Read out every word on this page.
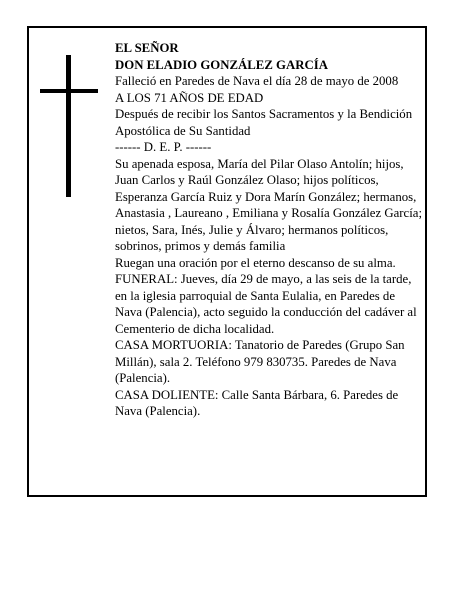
EL SEÑOR

DON ELADIO GONZÁLEZ GARCÍA

Falleció en Paredes de Nava el día 28 de mayo de 2008

A LOS 71 AÑOS DE EDAD

Después de recibir los Santos Sacramentos y la Bendición Apostólica de Su Santidad

------ D. E. P. ------

Su apenada esposa, María del Pilar Olaso Antolín; hijos, Juan Carlos y Raúl González Olaso; hijos políticos, Esperanza García Ruiz y Dora Marín González; hermanos, Anastasia , Laureano , Emiliana y Rosalía González García; nietos, Sara, Inés, Julie y Álvaro; hermanos políticos, sobrinos, primos y demás familia

Ruegan una oración por el eterno descanso de su alma.

FUNERAL: Jueves, día 29 de mayo, a las seis de la tarde, en la iglesia parroquial de Santa Eulalia, en Paredes de Nava (Palencia), acto seguido la conducción del cadáver al Cementerio de dicha localidad.

CASA MORTUORIA: Tanatorio de Paredes (Grupo San Millán), sala 2. Teléfono 979 830735. Paredes de Nava (Palencia).

CASA DOLIENTE: Calle Santa Bárbara, 6. Paredes de Nava (Palencia).
